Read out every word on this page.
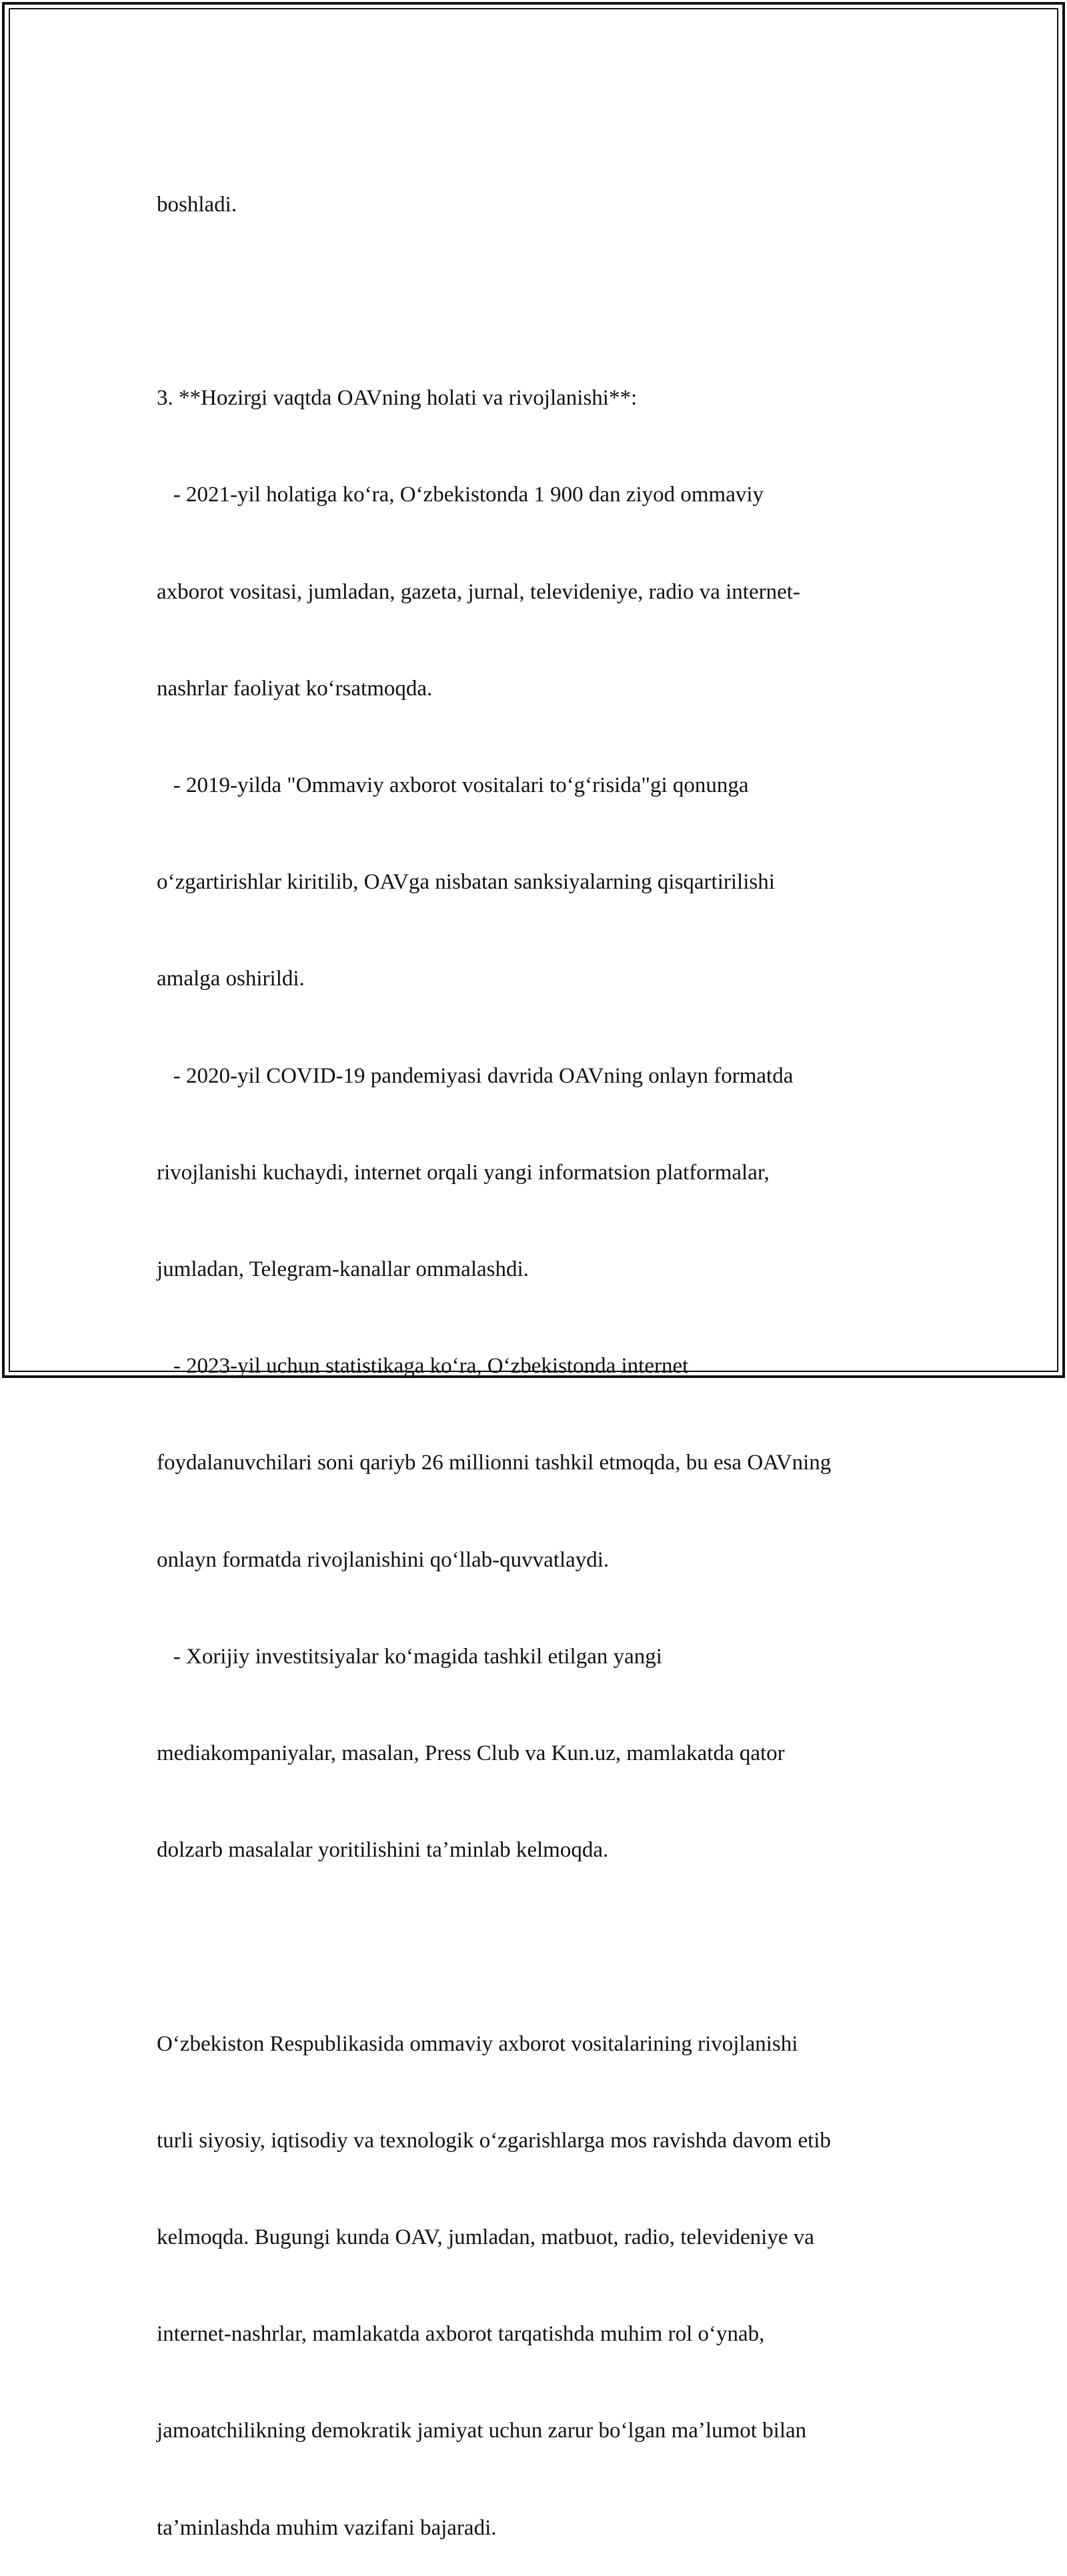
boshladi.

3. **Hozirgi vaqtda OAVning holati va rivojlanishi**:

- 2021-yil holatiga koʻra, Oʻzbekistonda 1 900 dan ziyod ommaviy

axborot vositasi, jumladan, gazeta, jurnal, televideniye, radio va internet-

nashrlar faoliyat koʻrsatmoqda.

- 2019-yilda "Ommaviy axborot vositalari toʻgʻrisida"gi qonunga

oʻzgartirishlar kiritilib, OAVga nisbatan sanksiyalarning qisqartirilishi

amalga oshirildi.

- 2020-yil COVID-19 pandemiyasi davrida OAVning onlayn formatda

rivojlanishi kuchaydi, internet orqali yangi informatsion platformalar,

jumladan, Telegram-kanallar ommalashdi.

- 2023-yil uchun statistikaga koʻra, Oʻzbekistonda internet

foydalanuvchilari soni qariyb 26 millionni tashkil etmoqda, bu esa OAVning

onlayn formatda rivojlanishini qoʻllab-quvvatlaydi.

- Xorijiy investitsiyalar koʻmagida tashkil etilgan yangi

mediakompaniyalar, masalan, Press Club va Kun.uz, mamlakatda qator

dolzarb masalalar yoritilishini taʼminlab kelmoqda.

Oʻzbekiston Respublikasida ommaviy axborot vositalarining rivojlanishi

turli siyosiy, iqtisodiy va texnologik oʻzgarishlarga mos ravishda davom etib

kelmoqda. Bugungi kunda OAV, jumladan, matbuot, radio, televideniye va

internet-nashrlar, mamlakatda axborot tarqatishda muhim rol oʻynab,

jamoatchilikning demokratik jamiyat uchun zarur boʻlgan maʼlumot bilan

taʼminlashda muhim vazifani bajaradi.
